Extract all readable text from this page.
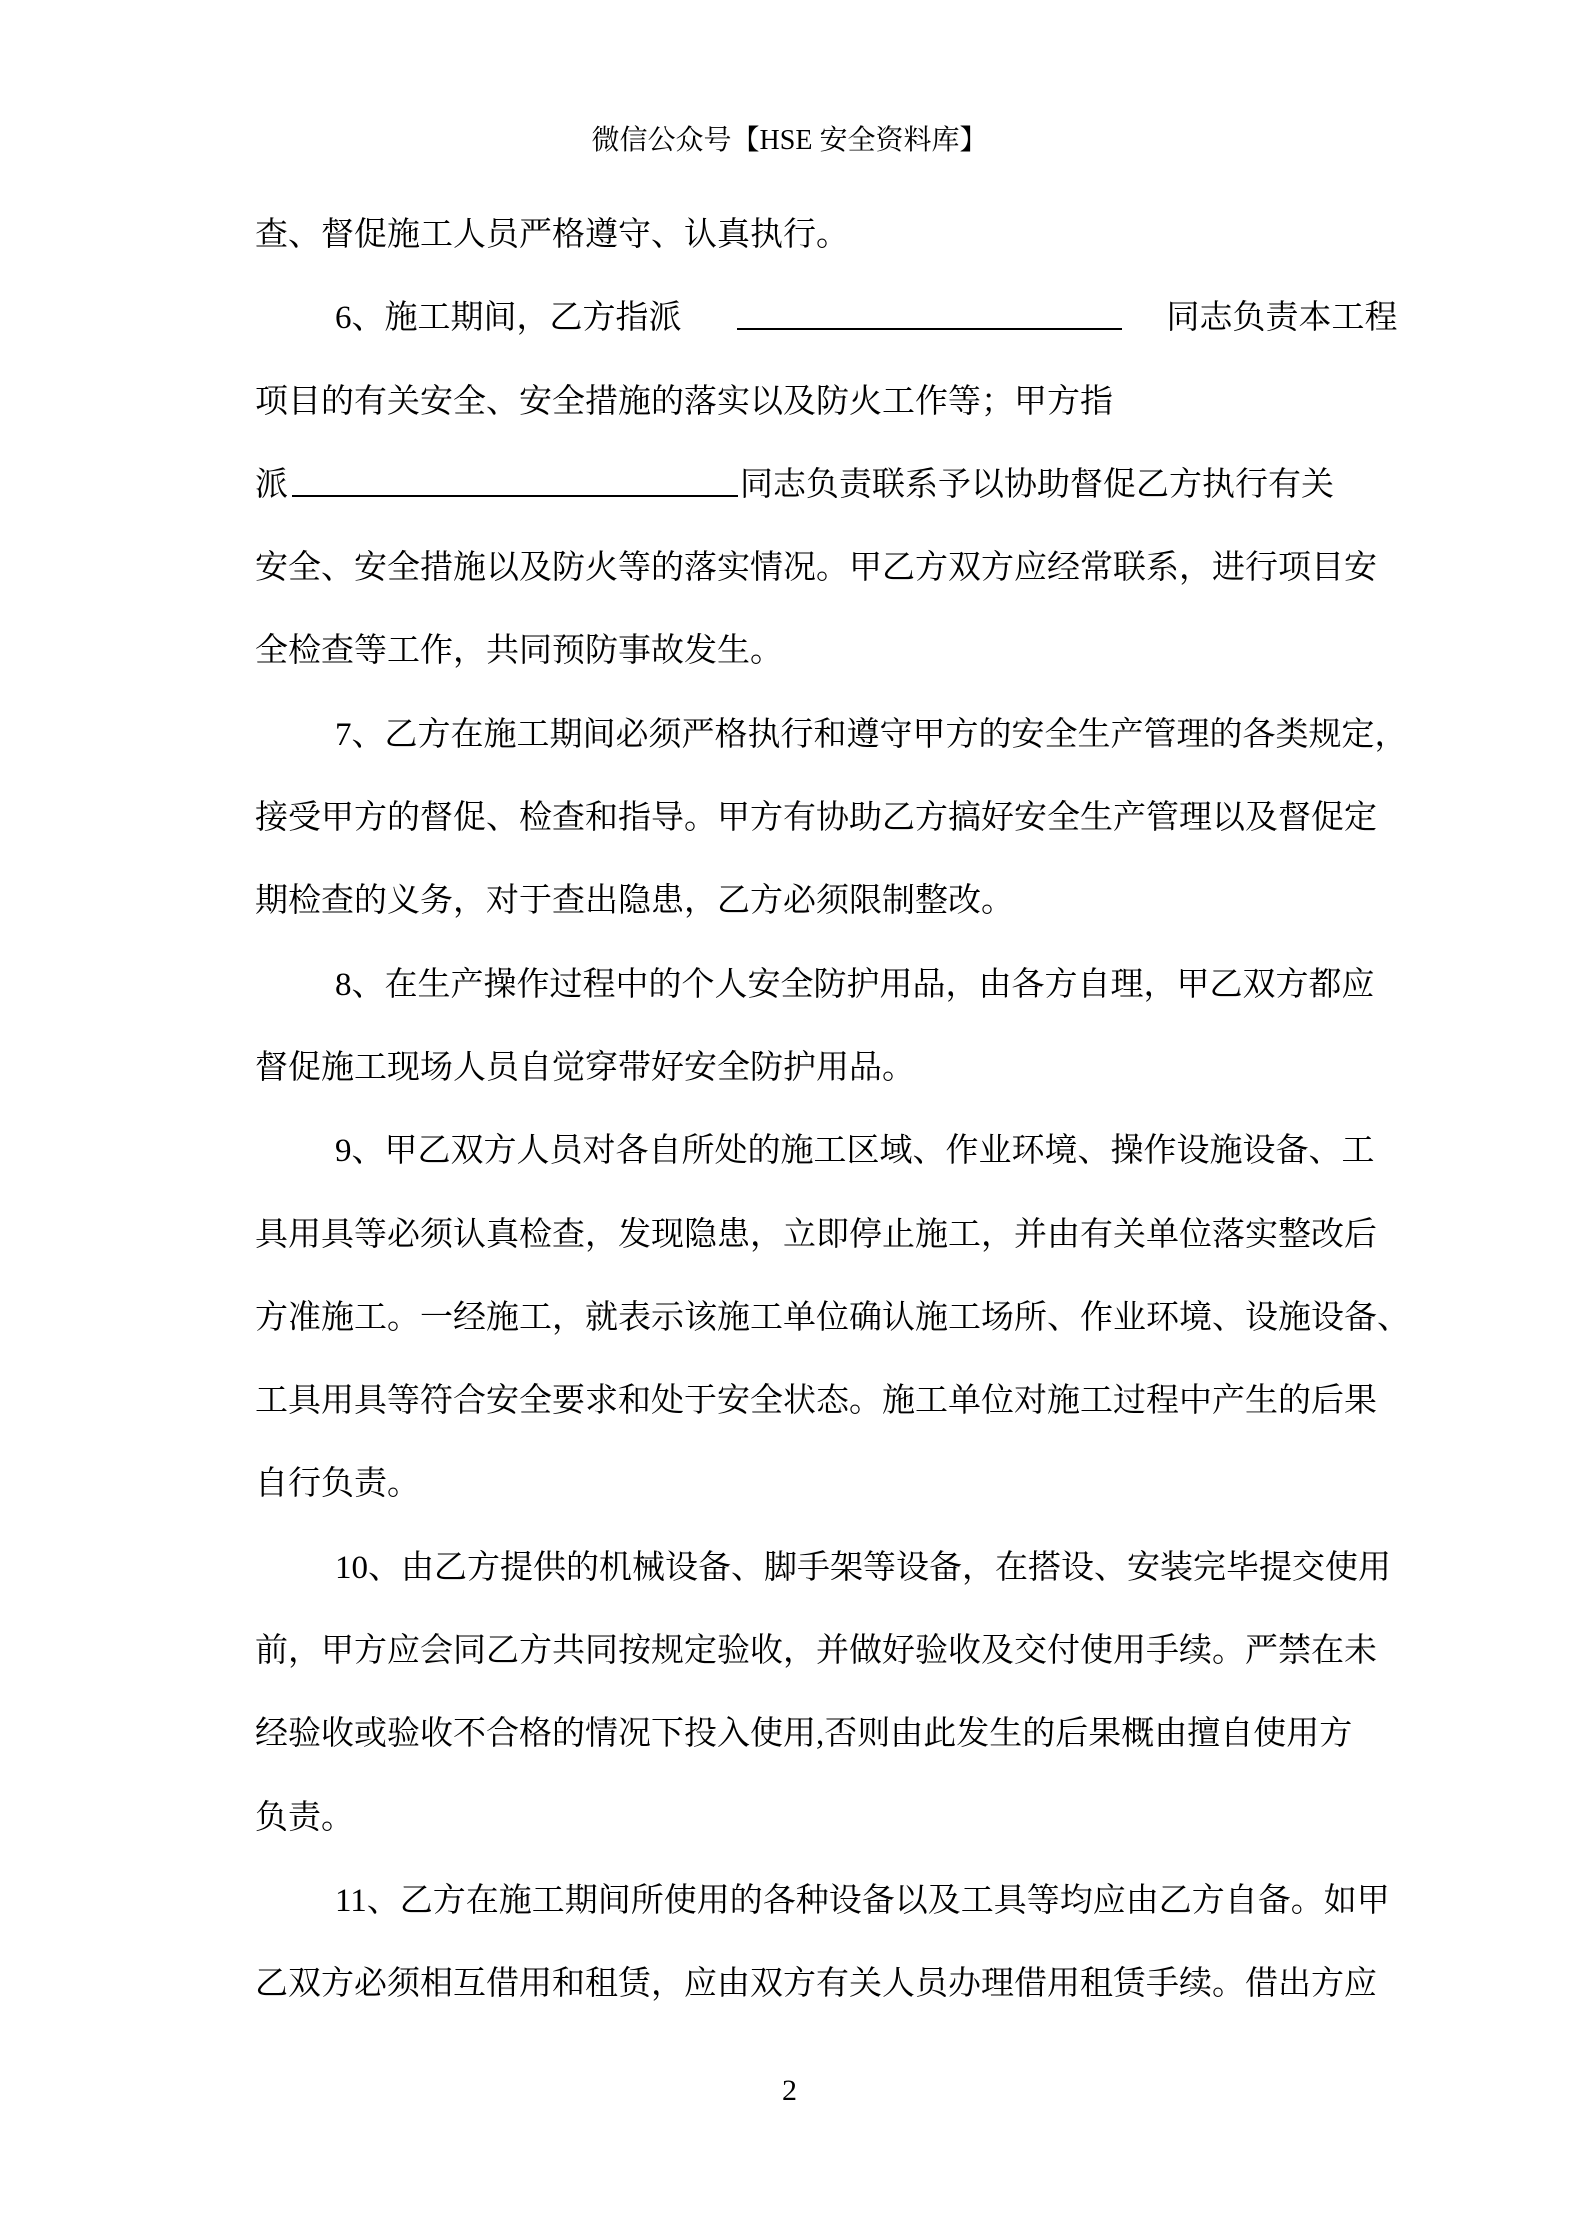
微信公众号【HSE 安全资料库】
查、督促施工人员严格遵守、认真执行。
6、施工期间，乙方指派	同志负责本工程
项目的有关安全、安全措施的落实以及防火工作等；甲方指
派	同志负责联系予以协助督促乙方执行有关
安全、安全措施以及防火等的落实情况。甲乙方双方应经常联系，进行项目安
全检查等工作，共同预防事故发生。
7、乙方在施工期间必须严格执行和遵守甲方的安全生产管理的各类规定，
接受甲方的督促、检查和指导。甲方有协助乙方搞好安全生产管理以及督促定
期检查的义务，对于查出隐患，乙方必须限制整改。
8、在生产操作过程中的个人安全防护用品，由各方自理，甲乙双方都应
督促施工现场人员自觉穿带好安全防护用品。
9、甲乙双方人员对各自所处的施工区域、作业环境、操作设施设备、工
具用具等必须认真检查，发现隐患，立即停止施工，并由有关单位落实整改后
方准施工。一经施工，就表示该施工单位确认施工场所、作业环境、设施设备、
工具用具等符合安全要求和处于安全状态。施工单位对施工过程中产生的后果
自行负责。
10、由乙方提供的机械设备、脚手架等设备，在搭设、安装完毕提交使用
前，甲方应会同乙方共同按规定验收，并做好验收及交付使用手续。严禁在未
经验收或验收不合格的情况下投入使用,否则由此发生的后果概由擅自使用方
负责。
11、乙方在施工期间所使用的各种设备以及工具等均应由乙方自备。如甲
乙双方必须相互借用和租赁，应由双方有关人员办理借用租赁手续。借出方应
2
